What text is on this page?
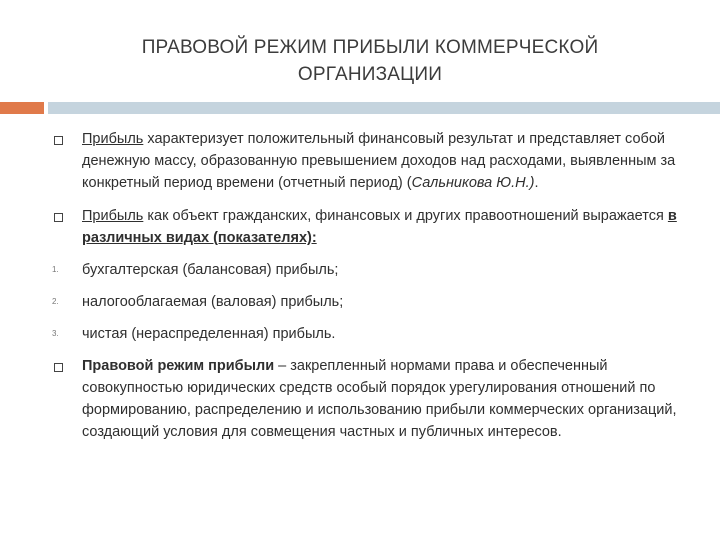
ПРАВОВОЙ РЕЖИМ ПРИБЫЛИ КОММЕРЧЕСКОЙ
ОРГАНИЗАЦИИ
Прибыль характеризует положительный финансовый результат и представляет собой денежную массу, образованную превышением доходов над расходами, выявленным за конкретный период времени (отчетный период) (Сальникова Ю.Н.).
Прибыль как объект гражданских, финансовых и других правоотношений выражается в различных видах (показателях):
1. бухгалтерская (балансовая) прибыль;
2. налогооблагаемая (валовая) прибыль;
3. чистая (нераспределенная) прибыль.
Правовой режим прибыли – закрепленный нормами права и обеспеченный совокупностью юридических средств особый порядок урегулирования отношений по формированию, распределению и использованию прибыли коммерческих организаций, создающий условия для совмещения частных и публичных интересов.
